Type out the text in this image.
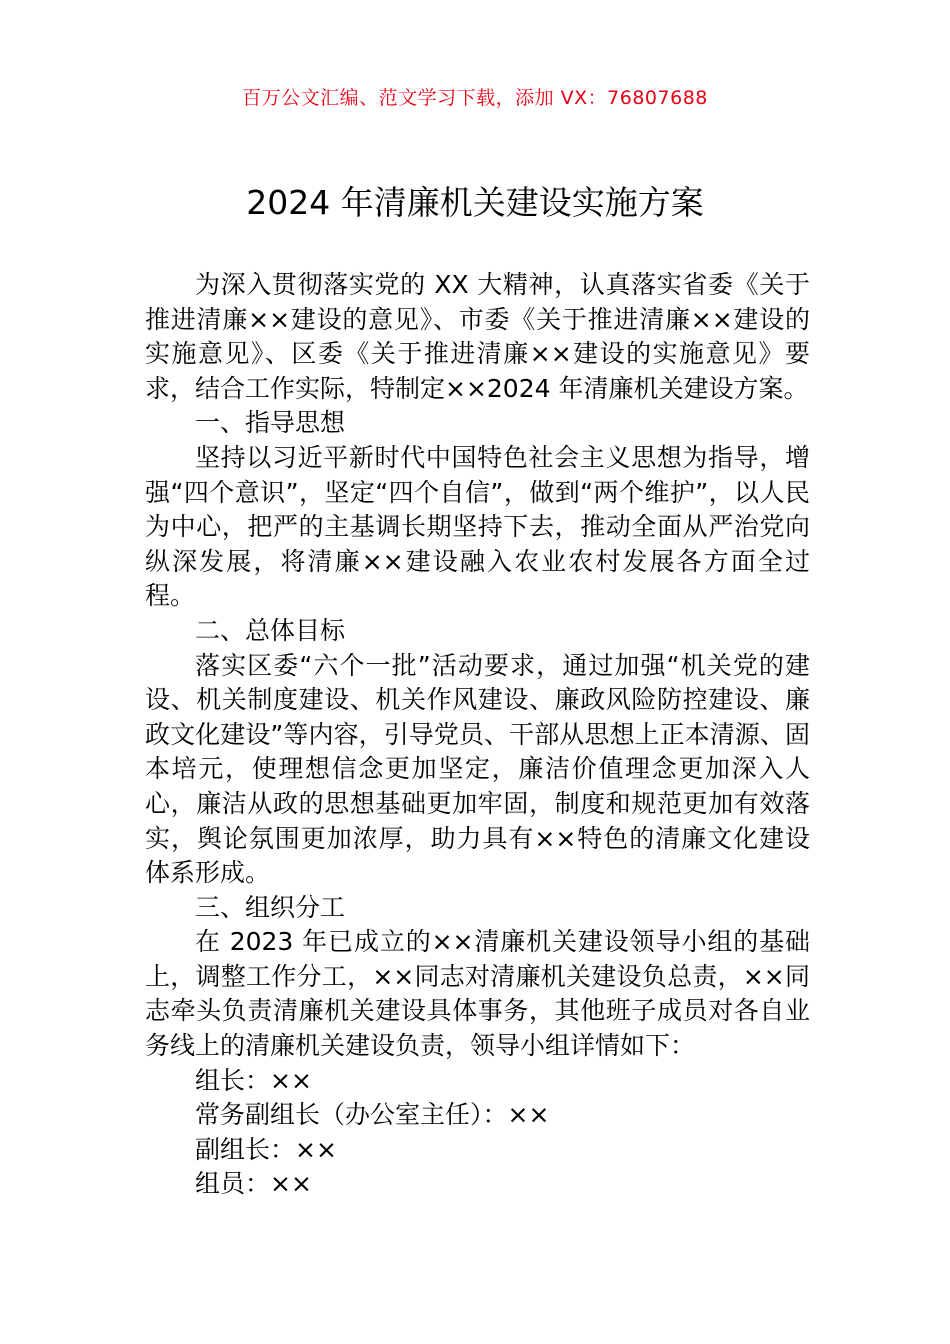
百万公文汇编、范文学习下载，添加 VX：76807688
2024 年清廉机关建设实施方案

为深入贯彻落实党的 XX 大精神，认真落实省委《关于推进清廉××建设的意见》、市委《关于推进清廉××建设的实施意见》、区委《关于推进清廉××建设的实施意见》要求，结合工作实际，特制定××2024 年清廉机关建设方案。

一、指导思想

坚持以习近平新时代中国特色社会主义思想为指导，增强“四个意识”，坚定“四个自信”，做到“两个维护”，以人民为中心，把严的主基调长期坚持下去，推动全面从严治党向纵深发展，将清廉××建设融入农业农村发展各方面全过程。

二、总体目标

落实区委“六个一批”活动要求，通过加强“机关党的建设、机关制度建设、机关作风建设、廉政风险防控建设、廉政文化建设”等内容，引导党员、干部从思想上正本清源、固本培元，使理想信念更加坚定，廉洁价值理念更加深入人心，廉洁从政的思想基础更加牢固，制度和规范更加有效落实，舆论氛围更加浓厚，助力具有××特色的清廉文化建设体系形成。

三、组织分工

在 2023 年已成立的××清廉机关建设领导小组的基础上，调整工作分工，××同志对清廉机关建设负总责，××同志牵头负责清廉机关建设具体事务，其他班子成员对各自业务线上的清廉机关建设负责，领导小组详情如下：

组长：××

常务副组长（办公室主任）：××

副组长：××

组员：××
